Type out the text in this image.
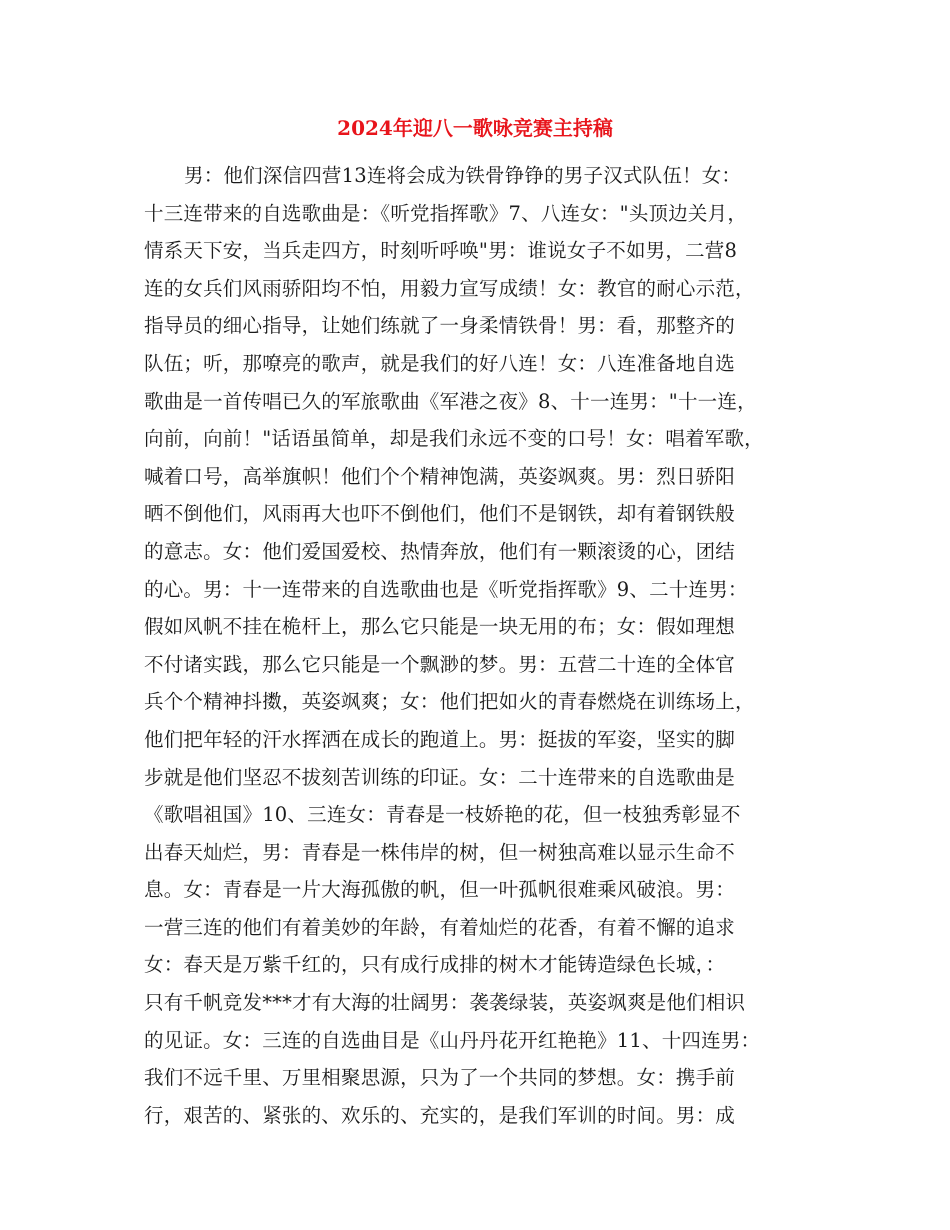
2024年迎八一歌咏竞赛主持稿
男：他们深信四营13连将会成为铁骨铮铮的男子汉式队伍！女：
十三连带来的自选歌曲是：《听党指挥歌》7、八连女："头顶边关月，
情系天下安，当兵走四方，时刻听呼唤"男：谁说女子不如男，二营8
连的女兵们风雨骄阳均不怕，用毅力宣写成绩！女：教官的耐心示范，
指导员的细心指导，让她们练就了一身柔情铁骨！男：看，那整齐的
队伍；听，那嘹亮的歌声，就是我们的好八连！女：八连准备地自选
歌曲是一首传唱已久的军旅歌曲《军港之夜》8、十一连男："十一连，
向前，向前！"话语虽简单，却是我们永远不变的口号！女：唱着军歌，
喊着口号，高举旗帜！他们个个精神饱满，英姿飒爽。男：烈日骄阳
晒不倒他们，风雨再大也吓不倒他们，他们不是钢铁，却有着钢铁般
的意志。女：他们爱国爱校、热情奔放，他们有一颗滚烫的心，团结
的心。男：十一连带来的自选歌曲也是《听党指挥歌》9、二十连男：
假如风帆不挂在桅杆上，那么它只能是一块无用的布；女：假如理想
不付诸实践，那么它只能是一个飘渺的梦。男：五营二十连的全体官
兵个个精神抖擞，英姿飒爽；女：他们把如火的青春燃烧在训练场上，
他们把年轻的汗水挥洒在成长的跑道上。男：挺拔的军姿，坚实的脚
步就是他们坚忍不拔刻苦训练的印证。女：二十连带来的自选歌曲是
《歌唱祖国》10、三连女：青春是一枝娇艳的花，但一枝独秀彰显不
出春天灿烂，男：青春是一株伟岸的树，但一树独高难以显示生命不
息。女：青春是一片大海孤傲的帆，但一叶孤帆很难乘风破浪。男：
一营三连的他们有着美妙的年龄，有着灿烂的花香，有着不懈的追求
女：春天是万紫千红的，只有成行成排的树木才能铸造绿色长城，：
只有千帆竞发***才有大海的壮阔男：袭袭绿装，英姿飒爽是他们相识
的见证。女：三连的自选曲目是《山丹丹花开红艳艳》11、十四连男：
我们不远千里、万里相聚思源，只为了一个共同的梦想。女：携手前
行，艰苦的、紧张的、欢乐的、充实的，是我们军训的时间。男：成
